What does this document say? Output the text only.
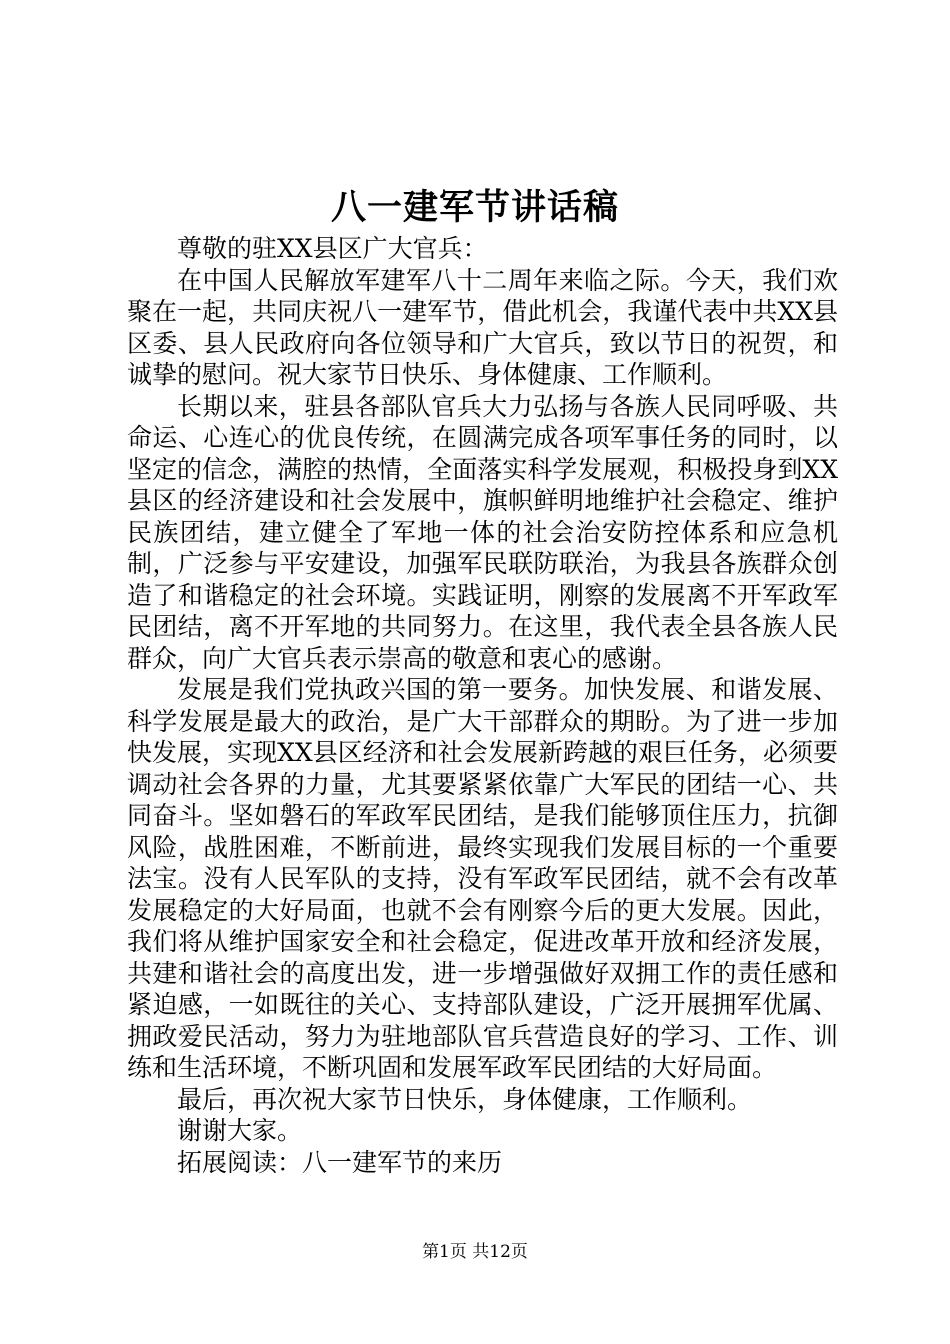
八一建军节讲话稿

尊敬的驻XX县区广大官兵：

在中国人民解放军建军八十二周年来临之际。今天，我们欢聚在一起，共同庆祝八一建军节，借此机会，我谨代表中共XX县区委、县人民政府向各位领导和广大官兵，致以节日的祝贺，和诚挚的慰问。祝大家节日快乐、身体健康、工作顺利。

长期以来，驻县各部队官兵大力弘扬与各族人民同呼吸、共命运、心连心的优良传统，在圆满完成各项军事任务的同时，以坚定的信念，满腔的热情，全面落实科学发展观，积极投身到XX县区的经济建设和社会发展中，旗帜鲜明地维护社会稳定、维护民族团结，建立健全了军地一体的社会治安防控体系和应急机制，广泛参与平安建设，加强军民联防联治，为我县各族群众创造了和谐稳定的社会环境。实践证明，刚察的发展离不开军政军民团结，离不开军地的共同努力。在这里，我代表全县各族人民群众，向广大官兵表示崇高的敬意和衷心的感谢。

发展是我们党执政兴国的第一要务。加快发展、和谐发展、科学发展是最大的政治，是广大干部群众的期盼。为了进一步加快发展，实现XX县区经济和社会发展新跨越的艰巨任务，必须要调动社会各界的力量，尤其要紧紧依靠广大军民的团结一心、共同奋斗。坚如磐石的军政军民团结，是我们能够顶住压力，抗御风险，战胜困难，不断前进，最终实现我们发展目标的一个重要法宝。没有人民军队的支持，没有军政军民团结，就不会有改革发展稳定的大好局面，也就不会有刚察今后的更大发展。因此，我们将从维护国家安全和社会稳定，促进改革开放和经济发展，共建和谐社会的高度出发，进一步增强做好双拥工作的责任感和紧迫感，一如既往的关心、支持部队建设，广泛开展拥军优属、拥政爱民活动，努力为驻地部队官兵营造良好的学习、工作、训练和生活环境，不断巩固和发展军政军民团结的大好局面。

最后，再次祝大家节日快乐，身体健康，工作顺利。

谢谢大家。

拓展阅读：八一建军节的来历

第1页 共12页
